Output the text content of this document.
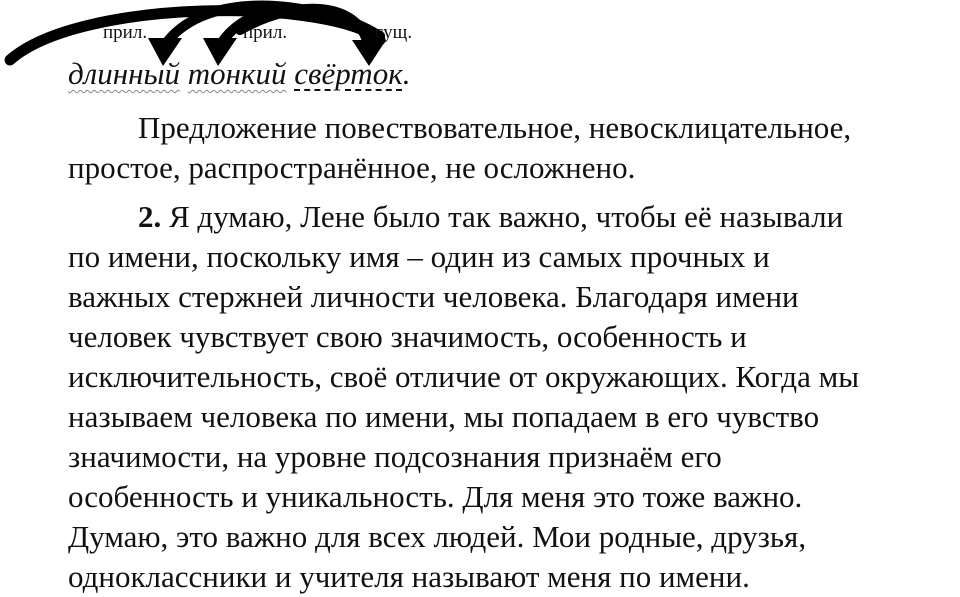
прил.	прил.	сущ.
длинный тонкий свёрток.
Предложение повествовательное, невосклицательное,
простое, распространённое, не осложнено.
2. Я думаю, Лене было так важно, чтобы её называли
по имени, поскольку имя – один из самых прочных и
важных стержней личности человека. Благодаря имени
человек чувствует свою значимость, особенность и
исключительность, своё отличие от окружающих. Когда мы
называем человека по имени, мы попадаем в его чувство
значимости, на уровне подсознания признаём его
особенность и уникальность. Для меня это тоже важно.
Думаю, это важно для всех людей. Мои родные, друзья,
одноклассники и учителя называют меня по имени.
